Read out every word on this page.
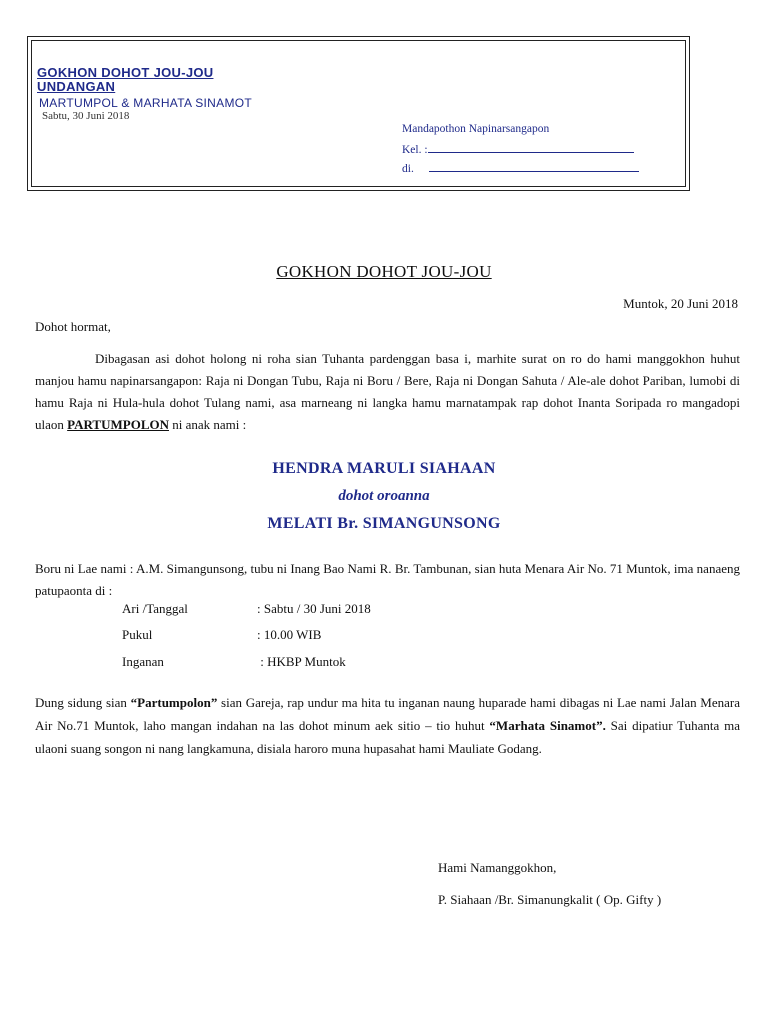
GOKHON DOHOT JOU-JOU
UNDANGAN
MARTUMPOL & MARHATA SINAMOT
Sabtu, 30 Juni 2018
Mandapothon Napinarsangapon
Kel. :
di.
GOKHON DOHOT JOU-JOU
Muntok, 20 Juni 2018
Dohot hormat,
Dibagasan asi dohot holong ni roha sian Tuhanta pardenggan basa i, marhite surat on ro do hami manggokhon huhut manjou hamu napinarsangapon: Raja ni Dongan Tubu, Raja ni Boru / Bere, Raja ni Dongan Sahuta / Ale-ale dohot Pariban, lumobi di hamu Raja ni Hula-hula dohot Tulang nami, asa marneang ni langka hamu marnatampak rap dohot Inanta Soripada ro mangadopi ulaon PARTUMPOLON ni anak nami :
HENDRA MARULI SIAHAAN
dohot oroanna
MELATI Br. SIMANGUNSONG
Boru ni Lae nami : A.M. Simangunsong, tubu ni Inang Bao Nami R. Br. Tambunan, sian huta Menara Air No. 71 Muntok, ima nanaeng patupaonta di :
Ari /Tanggal	: Sabtu / 30 Juni 2018
Pukul	: 10.00 WIB
Inganan	: HKBP Muntok
Dung sidung sian “Partumpolon” sian Gareja, rap undur ma hita tu inganan naung huparade hami dibagas ni Lae nami Jalan Menara Air No.71 Muntok, laho mangan indahan na las dohot minum aek sitio – tio huhut “Marhata Sinamot”. Sai dipatiur Tuhanta ma ulaoni suang songon ni nang langkamuna, disiala haroro muna hupasahat hami Mauliate Godang.
Hami Namanggokhon,
P. Siahaan /Br. Simanungkalit ( Op. Gifty )
